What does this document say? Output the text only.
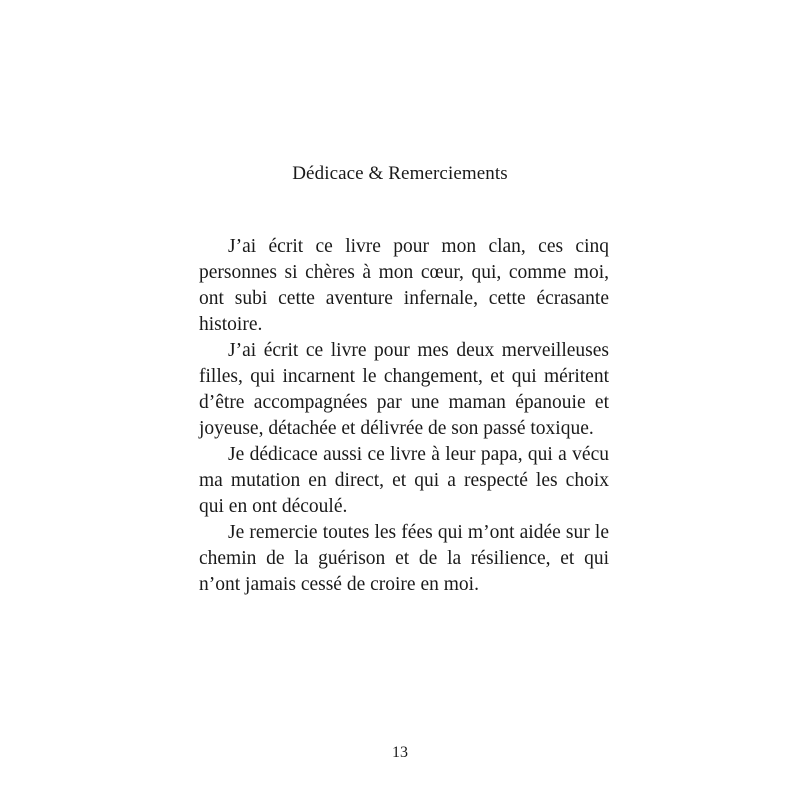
Dédicace & Remerciements

J’ai écrit ce livre pour mon clan, ces cinq personnes si chères à mon cœur, qui, comme moi, ont subi cette aventure infernale, cette écrasante histoire.

J’ai écrit ce livre pour mes deux merveilleuses filles, qui incarnent le changement, et qui méritent d’être accompagnées par une maman épanouie et joyeuse, détachée et délivrée de son passé toxique.

Je dédicace aussi ce livre à leur papa, qui a vécu ma mutation en direct, et qui a respecté les choix qui en ont découlé.

Je remercie toutes les fées qui m’ont aidée sur le chemin de la guérison et de la résilience, et qui n’ont jamais cessé de croire en moi.

13
